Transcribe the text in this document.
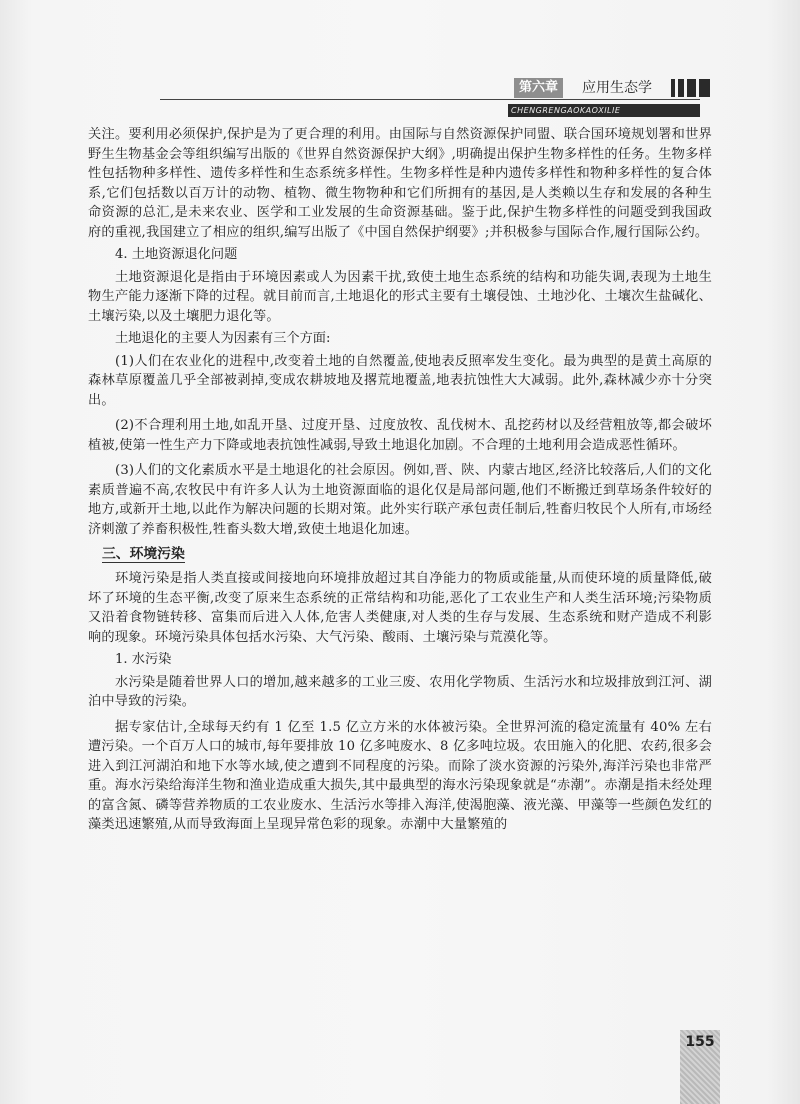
第六章	应用生态学
CHENGRENGAOKAOXILIE

关注。要利用必须保护,保护是为了更合理的利用。由国际与自然资源保护同盟、联合国环境规划署和世界野生生物基金会等组织编写出版的《世界自然资源保护大纲》,明确提出保护生物多样性的任务。生物多样性包括物种多样性、遗传多样性和生态系统多样性。生物多样性是种内遗传多样性和物种多样性的复合体系,它们包括数以百万计的动物、植物、微生物物种和它们所拥有的基因,是人类赖以生存和发展的各种生命资源的总汇,是未来农业、医学和工业发展的生命资源基础。鉴于此,保护生物多样性的问题受到我国政府的重视,我国建立了相应的组织,编写出版了《中国自然保护纲要》;并积极参与国际合作,履行国际公约。

4. 土地资源退化问题

土地资源退化是指由于环境因素或人为因素干扰,致使土地生态系统的结构和功能失调,表现为土地生物生产能力逐渐下降的过程。就目前而言,土地退化的形式主要有土壤侵蚀、土地沙化、土壤次生盐碱化、土壤污染,以及土壤肥力退化等。

土地退化的主要人为因素有三个方面:

(1)人们在农业化的进程中,改变着土地的自然覆盖,使地表反照率发生变化。最为典型的是黄土高原的森林草原覆盖几乎全部被剥掉,变成农耕坡地及撂荒地覆盖,地表抗蚀性大大减弱。此外,森林减少亦十分突出。

(2)不合理利用土地,如乱开垦、过度开垦、过度放牧、乱伐树木、乱挖药材以及经营粗放等,都会破坏植被,使第一性生产力下降或地表抗蚀性减弱,导致土地退化加剧。不合理的土地利用会造成恶性循环。

(3)人们的文化素质水平是土地退化的社会原因。例如,晋、陕、内蒙古地区,经济比较落后,人们的文化素质普遍不高,农牧民中有许多人认为土地资源面临的退化仅是局部问题,他们不断搬迁到草场条件较好的地方,或新开土地,以此作为解决问题的长期对策。此外实行联产承包责任制后,牲畜归牧民个人所有,市场经济刺激了养畜积极性,牲畜头数大增,致使土地退化加速。

三、环境污染

环境污染是指人类直接或间接地向环境排放超过其自净能力的物质或能量,从而使环境的质量降低,破坏了环境的生态平衡,改变了原来生态系统的正常结构和功能,恶化了工农业生产和人类生活环境;污染物质又沿着食物链转移、富集而后进入人体,危害人类健康,对人类的生存与发展、生态系统和财产造成不利影响的现象。环境污染具体包括水污染、大气污染、酸雨、土壤污染与荒漠化等。

1. 水污染

水污染是随着世界人口的增加,越来越多的工业三废、农用化学物质、生活污水和垃圾排放到江河、湖泊中导致的污染。

据专家估计,全球每天约有 1 亿至 1.5 亿立方米的水体被污染。全世界河流的稳定流量有 40% 左右遭污染。一个百万人口的城市,每年要排放 10 亿多吨废水、8 亿多吨垃圾。农田施入的化肥、农药,很多会进入到江河湖泊和地下水等水域,使之遭到不同程度的污染。而除了淡水资源的污染外,海洋污染也非常严重。海水污染给海洋生物和渔业造成重大损失,其中最典型的海水污染现象就是“赤潮”。赤潮是指未经处理的富含氮、磷等营养物质的工农业废水、生活污水等排入海洋,使渴胞藻、液光藻、甲藻等一些颜色发红的藻类迅速繁殖,从而导致海面上呈现异常色彩的现象。赤潮中大量繁殖的

155
